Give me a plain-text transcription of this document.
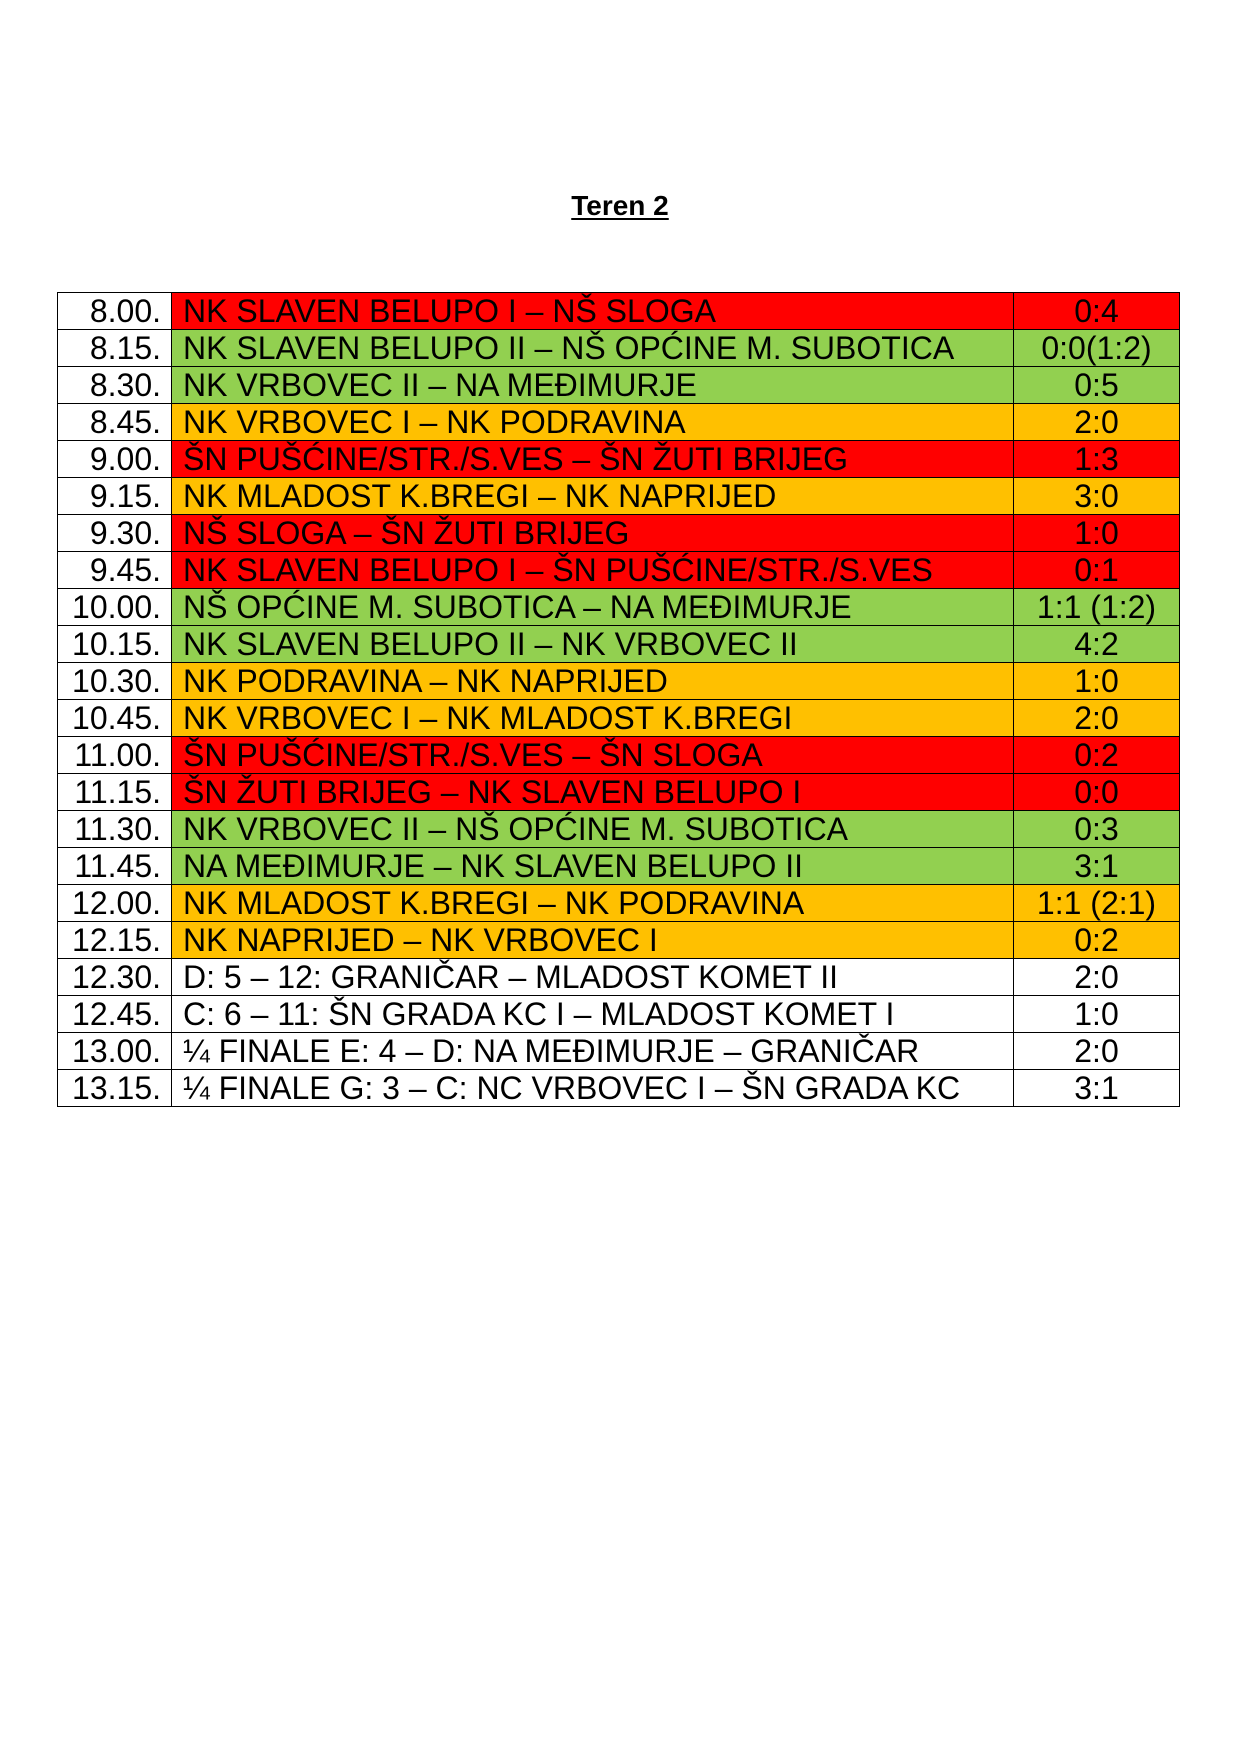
Teren 2
8.00.	NK SLAVEN BELUPO I – NŠ SLOGA	0:4
8.15.	NK SLAVEN BELUPO II – NŠ OPĆINE M. SUBOTICA	0:0(1:2)
8.30.	NK VRBOVEC II – NA MEĐIMURJE	0:5
8.45.	NK VRBOVEC I – NK PODRAVINA	2:0
9.00.	ŠN PUŠĆINE/STR./S.VES – ŠN ŽUTI BRIJEG	1:3
9.15.	NK MLADOST K.BREGI – NK NAPRIJED	3:0
9.30.	NŠ SLOGA – ŠN ŽUTI BRIJEG	1:0
9.45.	NK SLAVEN BELUPO I – ŠN PUŠĆINE/STR./S.VES	0:1
10.00.	NŠ OPĆINE M. SUBOTICA – NA MEĐIMURJE	1:1 (1:2)
10.15.	NK SLAVEN BELUPO II – NK VRBOVEC II	4:2
10.30.	NK PODRAVINA – NK NAPRIJED	1:0
10.45.	NK VRBOVEC I – NK MLADOST K.BREGI	2:0
11.00.	ŠN PUŠĆINE/STR./S.VES – ŠN SLOGA	0:2
11.15.	ŠN ŽUTI BRIJEG – NK SLAVEN BELUPO I	0:0
11.30.	NK VRBOVEC II – NŠ OPĆINE M. SUBOTICA	0:3
11.45.	NA MEĐIMURJE – NK SLAVEN BELUPO II	3:1
12.00.	NK MLADOST K.BREGI – NK PODRAVINA	1:1 (2:1)
12.15.	NK NAPRIJED – NK VRBOVEC I	0:2
12.30.	D: 5 – 12: GRANIČAR – MLADOST KOMET II	2:0
12.45.	C: 6 – 11: ŠN GRADA KC I – MLADOST KOMET I	1:0
13.00.	¼ FINALE E: 4 – D: NA MEĐIMURJE – GRANIČAR	2:0
13.15.	¼ FINALE G: 3 – C: NC VRBOVEC I – ŠN GRADA KC	3:1
